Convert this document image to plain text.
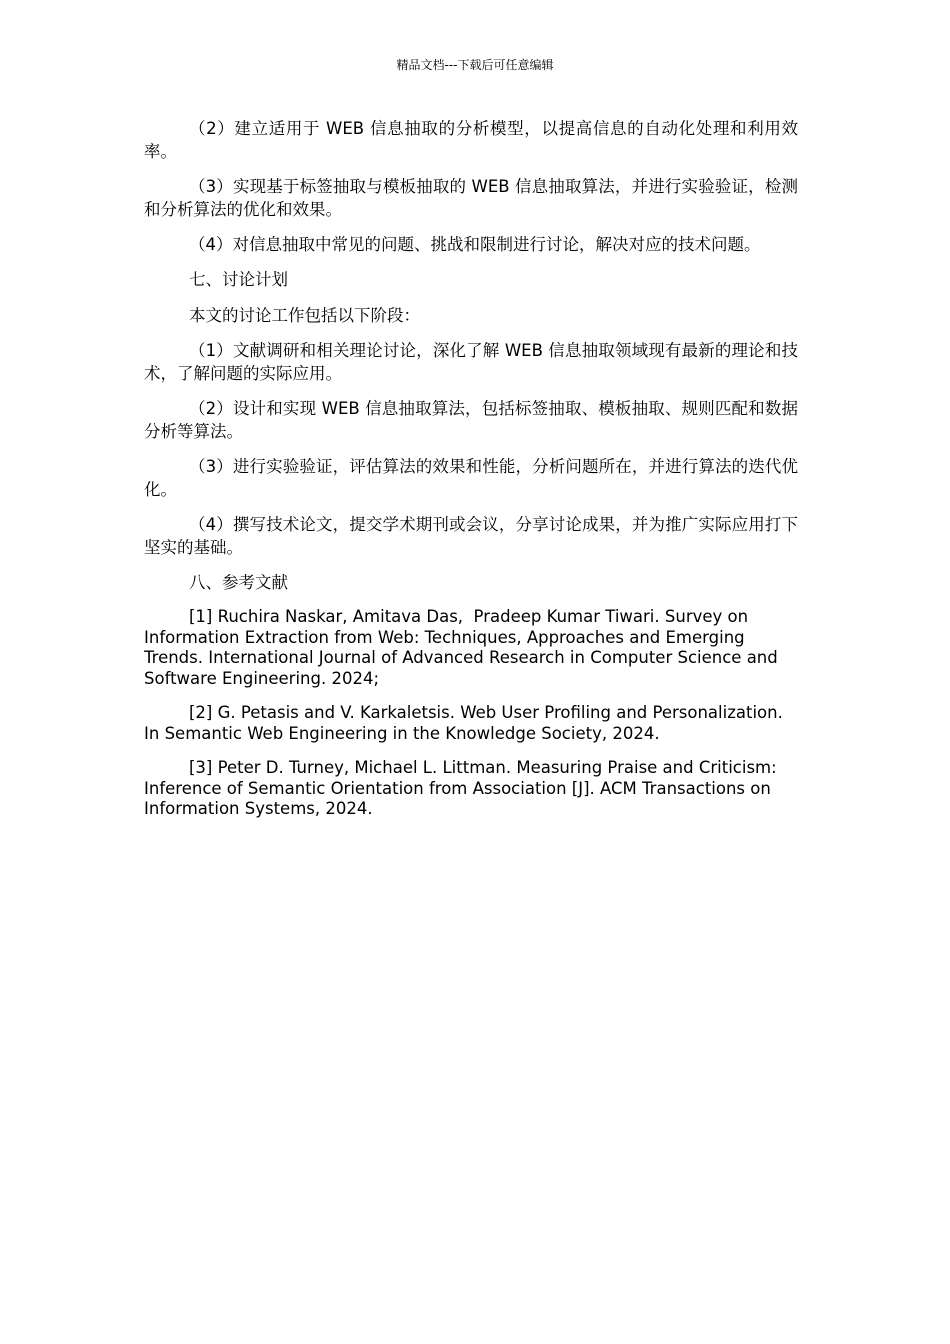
精品文档---下载后可任意编辑

（2）建立适用于 WEB 信息抽取的分析模型，以提高信息的自动化处理和利用效率。

（3）实现基于标签抽取与模板抽取的 WEB 信息抽取算法，并进行实验验证，检测和分析算法的优化和效果。

（4）对信息抽取中常见的问题、挑战和限制进行讨论，解决对应的技术问题。

七、讨论计划

本文的讨论工作包括以下阶段：

（1）文献调研和相关理论讨论，深化了解 WEB 信息抽取领域现有最新的理论和技术，了解问题的实际应用。

（2）设计和实现 WEB 信息抽取算法，包括标签抽取、模板抽取、规则匹配和数据分析等算法。

（3）进行实验验证，评估算法的效果和性能，分析问题所在，并进行算法的迭代优化。

（4）撰写技术论文，提交学术期刊或会议，分享讨论成果，并为推广实际应用打下坚实的基础。

八、参考文献

[1] Ruchira Naskar, Amitava Das,  Pradeep Kumar Tiwari. Survey on Information Extraction from Web: Techniques, Approaches and Emerging Trends. International Journal of Advanced Research in Computer Science and Software Engineering. 2024;

[2] G. Petasis and V. Karkaletsis. Web User Profiling and Personalization. In Semantic Web Engineering in the Knowledge Society, 2024.

[3] Peter D. Turney, Michael L. Littman. Measuring Praise and Criticism: Inference of Semantic Orientation from Association [J]. ACM Transactions on Information Systems, 2024.
